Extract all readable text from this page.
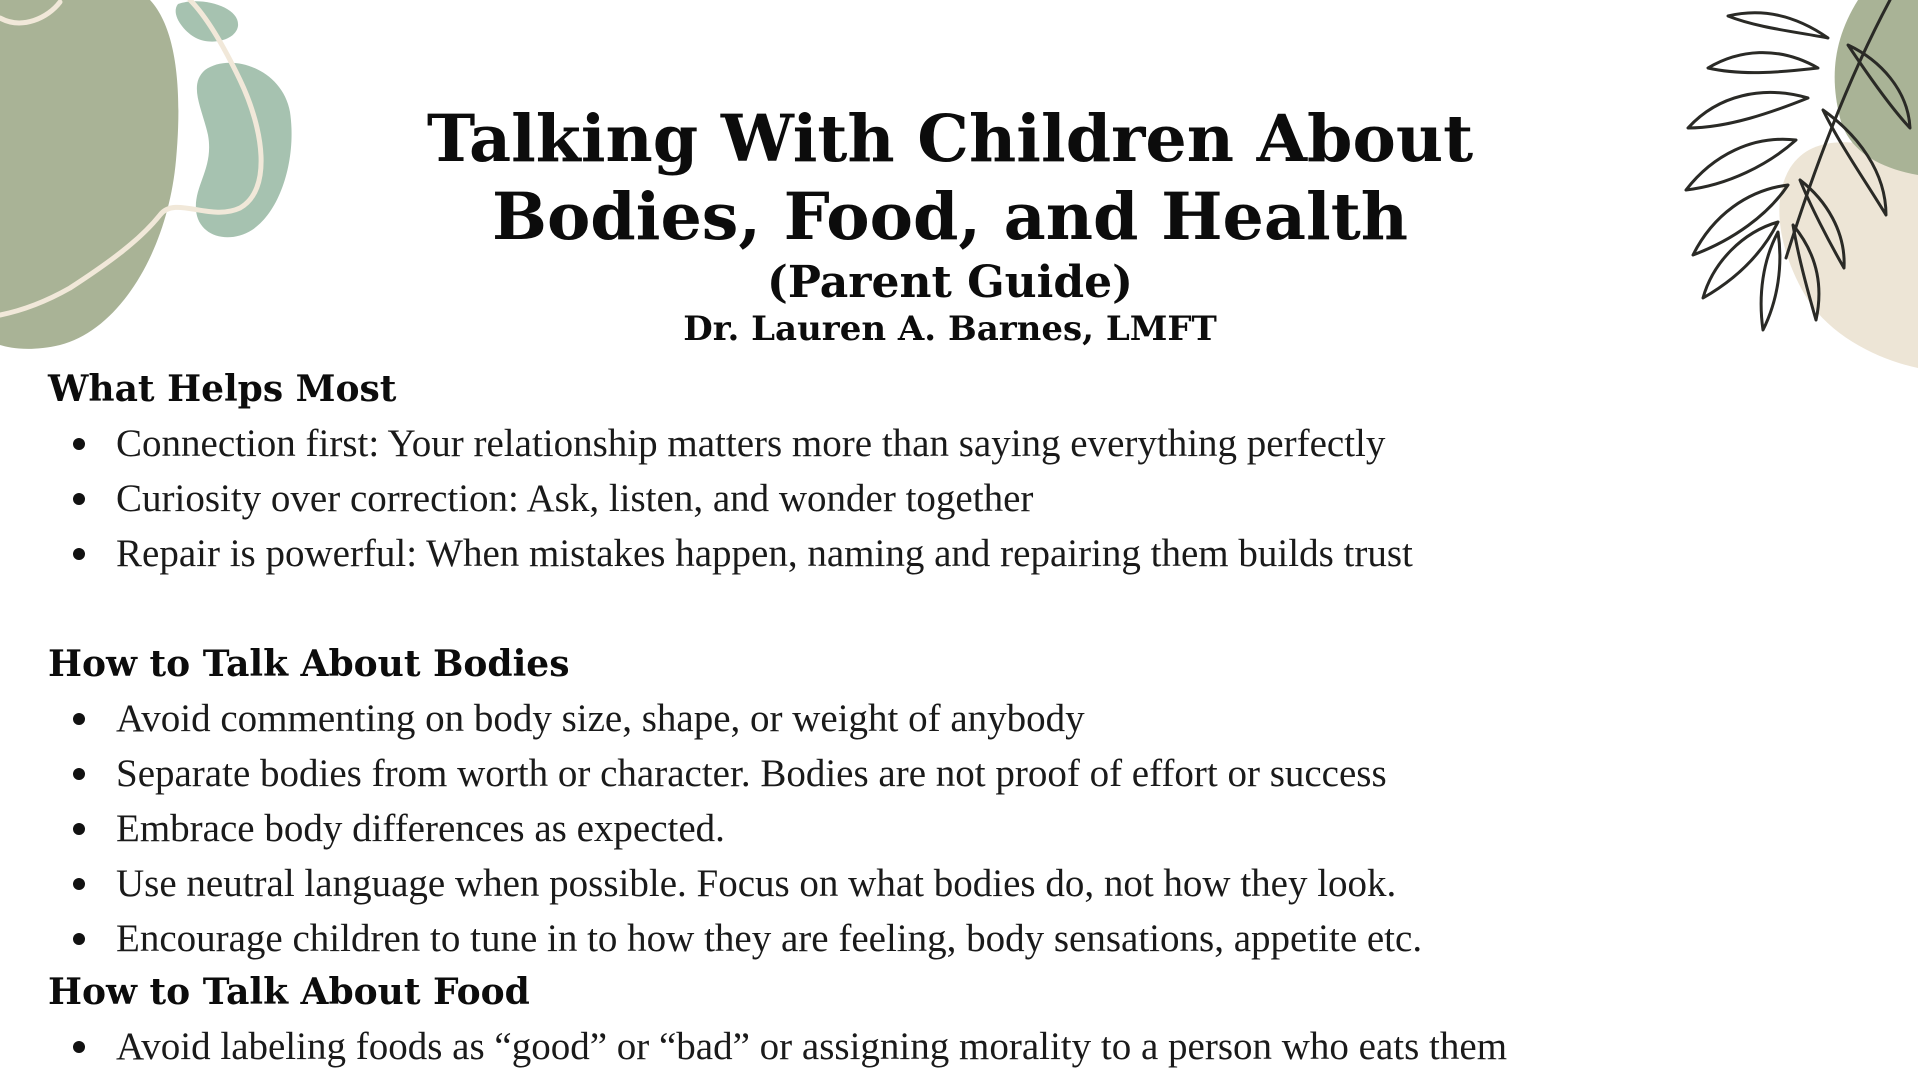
Talking With Children About
Bodies, Food, and Health
(Parent Guide)
Dr. Lauren A. Barnes, LMFT
What Helps Most
Connection first: Your relationship matters more than saying everything perfectly
Curiosity over correction: Ask, listen, and wonder together
Repair is powerful: When mistakes happen, naming and repairing them builds trust
How to Talk About Bodies
Avoid commenting on body size, shape, or weight of anybody
Separate bodies from worth or character. Bodies are not proof of effort or success
Embrace body differences as expected.
Use neutral language when possible. Focus on what bodies do, not how they look.
Encourage children to tune in to how they are feeling, body sensations, appetite etc.
How to Talk About Food
Avoid labeling foods as “good” or “bad” or assigning morality to a person who eats them
